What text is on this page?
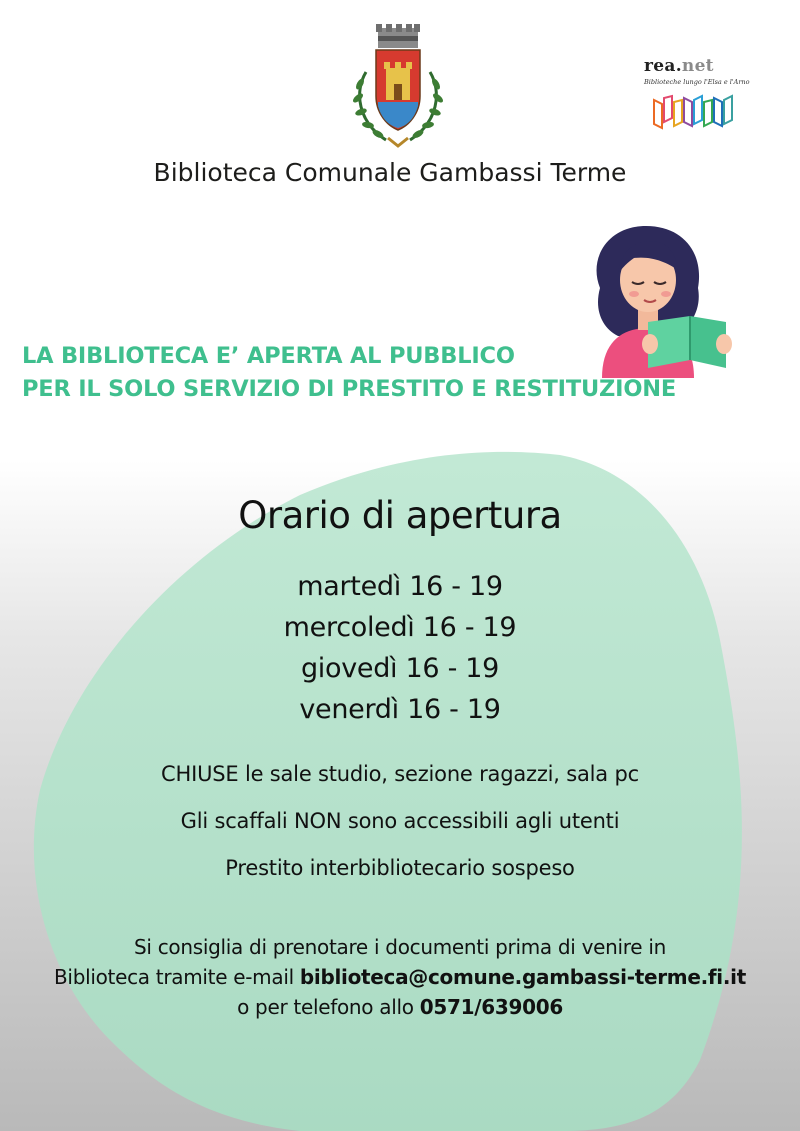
rea.net
Biblioteche lungo l'Elsa e l'Arno
Biblioteca Comunale Gambassi Terme
LA BIBLIOTECA E’ APERTA AL PUBBLICO
PER IL SOLO SERVIZIO DI PRESTITO E RESTITUZIONE
Orario di apertura
martedì 16 - 19
mercoledì 16 - 19
giovedì 16 - 19
venerdì 16 - 19
CHIUSE le sale studio, sezione ragazzi, sala pc
Gli scaffali NON sono accessibili agli utenti
Prestito interbibliotecario sospeso
Si consiglia di prenotare i documenti prima di venire in
Biblioteca tramite e-mail biblioteca@comune.gambassi-terme.fi.it
o per telefono allo 0571/639006
